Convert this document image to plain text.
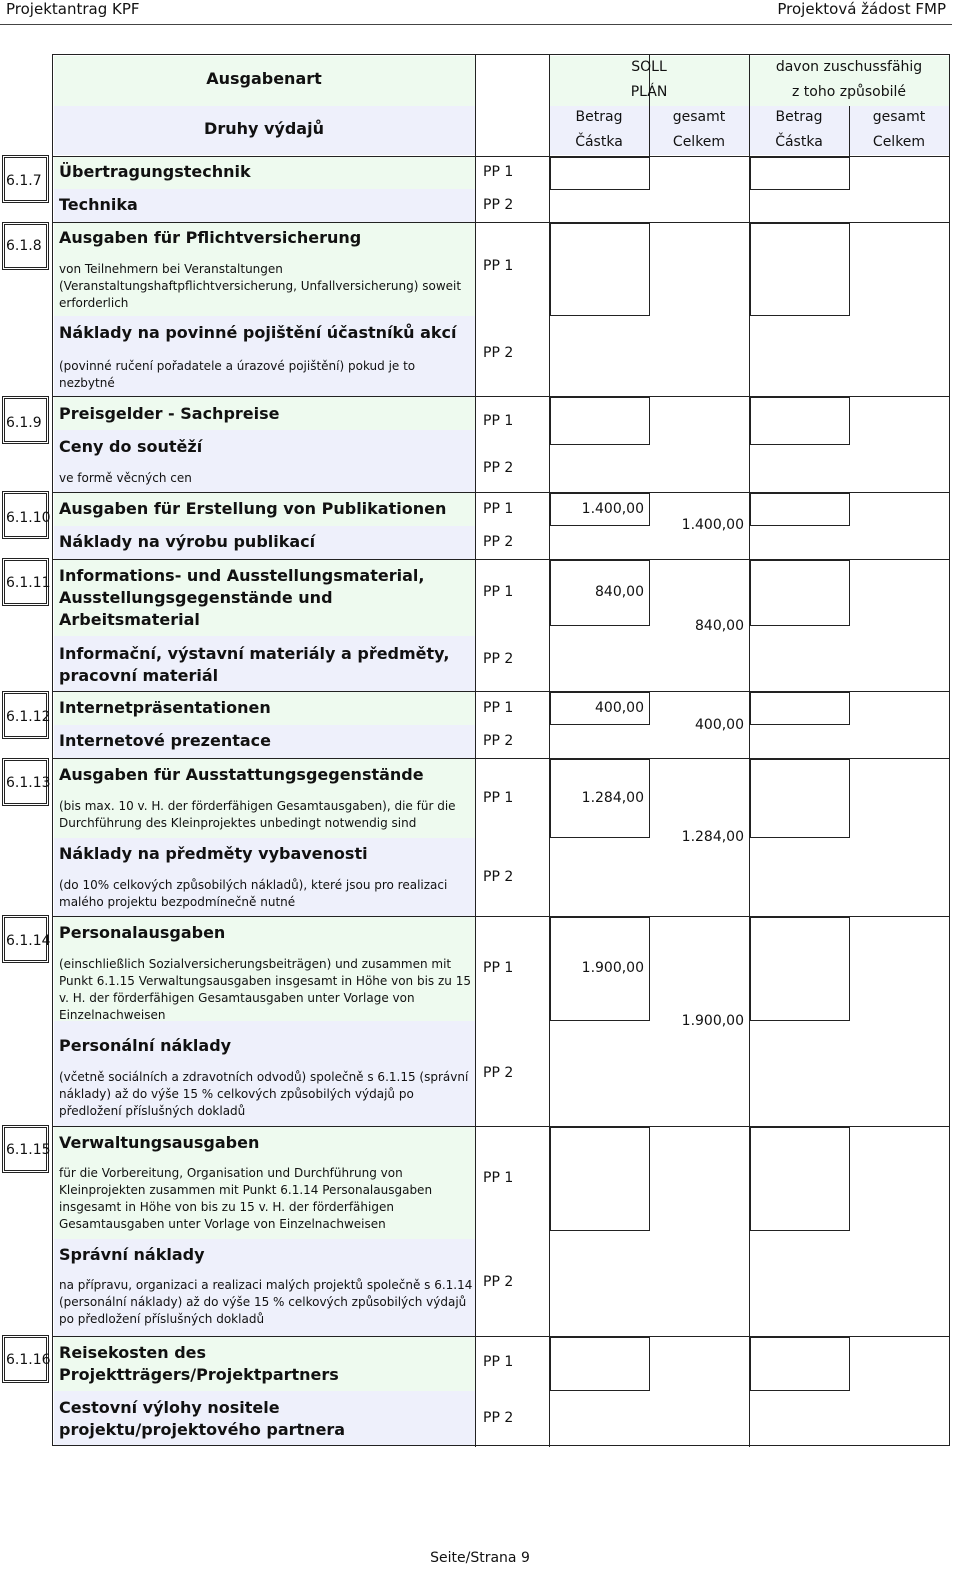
Projektantrag KPF	Projektová žádost FMP
Ausgabenart
Druhy výdajů
SOLL
PLÁN
davon zuschussfähig
z toho způsobilé
Betrag
Částka
gesamt
Celkem
Betrag
Částka
gesamt
Celkem
Übertragungstechnik
Technika
PP 1
PP 2
Ausgaben für Pflichtversicherung
von Teilnehmern bei Veranstaltungen (Veranstaltungshaftpflichtversicherung, Unfallversicherung) soweit erforderlich
Náklady na povinné pojištění účastníků akcí
(povinné ručení pořadatele a úrazové pojištění) pokud je to nezbytné
PP 1
PP 2
Preisgelder - Sachpreise
Ceny do soutěží
ve formě věcných cen
PP 1
PP 2
Ausgaben für Erstellung von Publikationen
Náklady na výrobu publikací
PP 1
PP 2
1.400,00
1.400,00
Informations- und Ausstellungsmaterial, Ausstellungsgegenstände und Arbeitsmaterial
Informační, výstavní materiály a předměty, pracovní materiál
PP 1
PP 2
840,00
840,00
Internetpräsentationen
Internetové prezentace
PP 1
PP 2
400,00
400,00
Ausgaben für Ausstattungsgegenstände
(bis max. 10 v. H. der förderfähigen Gesamtausgaben), die für die Durchführung des Kleinprojektes unbedingt notwendig sind
Náklady na předměty vybavenosti
(do 10% celkových způsobilých nákladů), které jsou pro realizaci malého projektu bezpodmínečně nutné
PP 1
PP 2
1.284,00
1.284,00
Personalausgaben
(einschließlich Sozialversicherungsbeiträgen) und zusammen mit Punkt 6.1.15 Verwaltungsausgaben insgesamt in Höhe von bis zu 15 v. H. der förderfähigen Gesamtausgaben unter Vorlage von Einzelnachweisen
Personální náklady
(včetně sociálních a zdravotních odvodů) společně s 6.1.15 (správní náklady) až do výše 15 % celkových způsobilých výdajů po předložení příslušných dokladů
PP 1
PP 2
1.900,00
1.900,00
Verwaltungsausgaben
für die Vorbereitung, Organisation und Durchführung von Kleinprojekten zusammen mit Punkt 6.1.14 Personalausgaben insgesamt in Höhe von bis zu 15 v. H. der förderfähigen Gesamtausgaben unter Vorlage von Einzelnachweisen
Správní náklady
na přípravu, organizaci a realizaci malých projektů společně s 6.1.14 (personální náklady) až do výše 15 % celkových způsobilých výdajů po předložení příslušných dokladů
PP 1
PP 2
Reisekosten des Projektträgers/Projektpartners
Cestovní výlohy nositele projektu/projektového partnera
PP 1
PP 2
6.1.7
6.1.8
6.1.9
6.1.10
6.1.11
6.1.12
6.1.13
6.1.14
6.1.15
6.1.16
Seite/Strana 9
